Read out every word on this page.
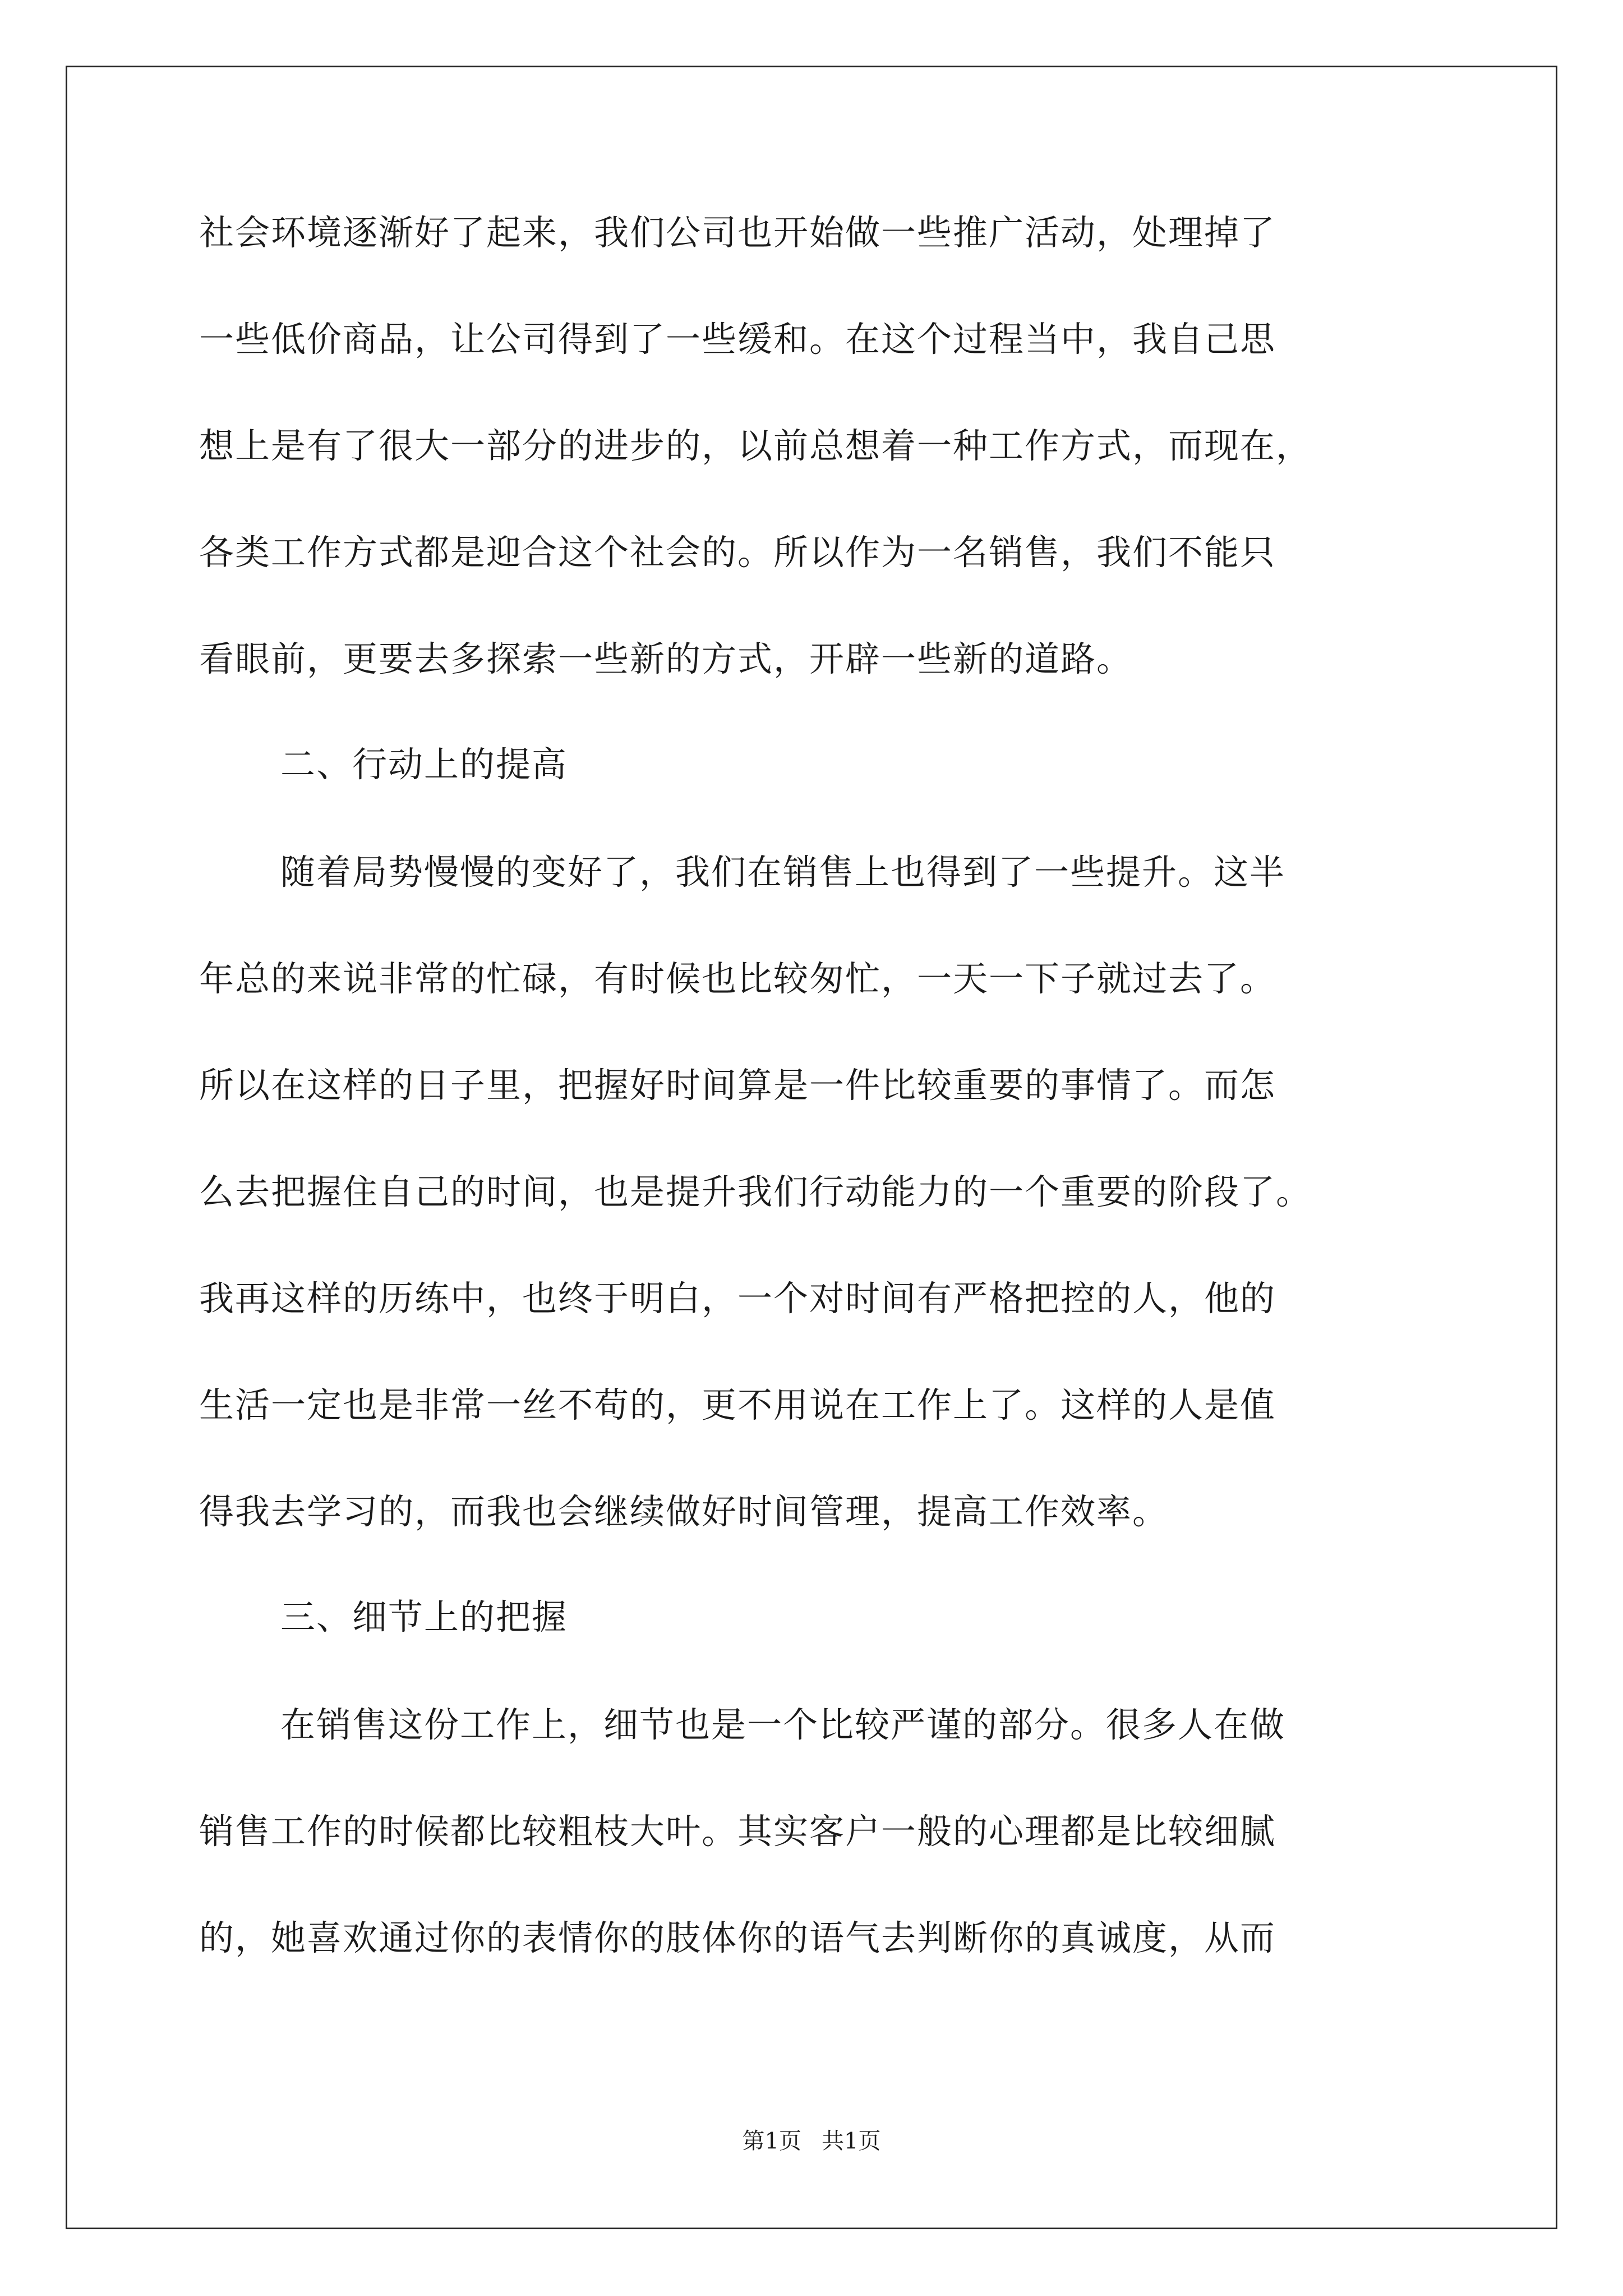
社会环境逐渐好了起来，我们公司也开始做一些推广活动，处理掉了
一些低价商品，让公司得到了一些缓和。在这个过程当中，我自己思
想上是有了很大一部分的进步的，以前总想着一种工作方式，而现在，
各类工作方式都是迎合这个社会的。所以作为一名销售，我们不能只
看眼前，更要去多探索一些新的方式，开辟一些新的道路。
二、行动上的提高
随着局势慢慢的变好了，我们在销售上也得到了一些提升。这半
年总的来说非常的忙碌，有时候也比较匆忙，一天一下子就过去了。
所以在这样的日子里，把握好时间算是一件比较重要的事情了。而怎
么去把握住自己的时间，也是提升我们行动能力的一个重要的阶段了。
我再这样的历练中，也终于明白，一个对时间有严格把控的人，他的
生活一定也是非常一丝不苟的，更不用说在工作上了。这样的人是值
得我去学习的，而我也会继续做好时间管理，提高工作效率。
三、细节上的把握
在销售这份工作上，细节也是一个比较严谨的部分。很多人在做
销售工作的时候都比较粗枝大叶。其实客户一般的心理都是比较细腻
的，她喜欢通过你的表情你的肢体你的语气去判断你的真诚度，从而
第1页 共1页
